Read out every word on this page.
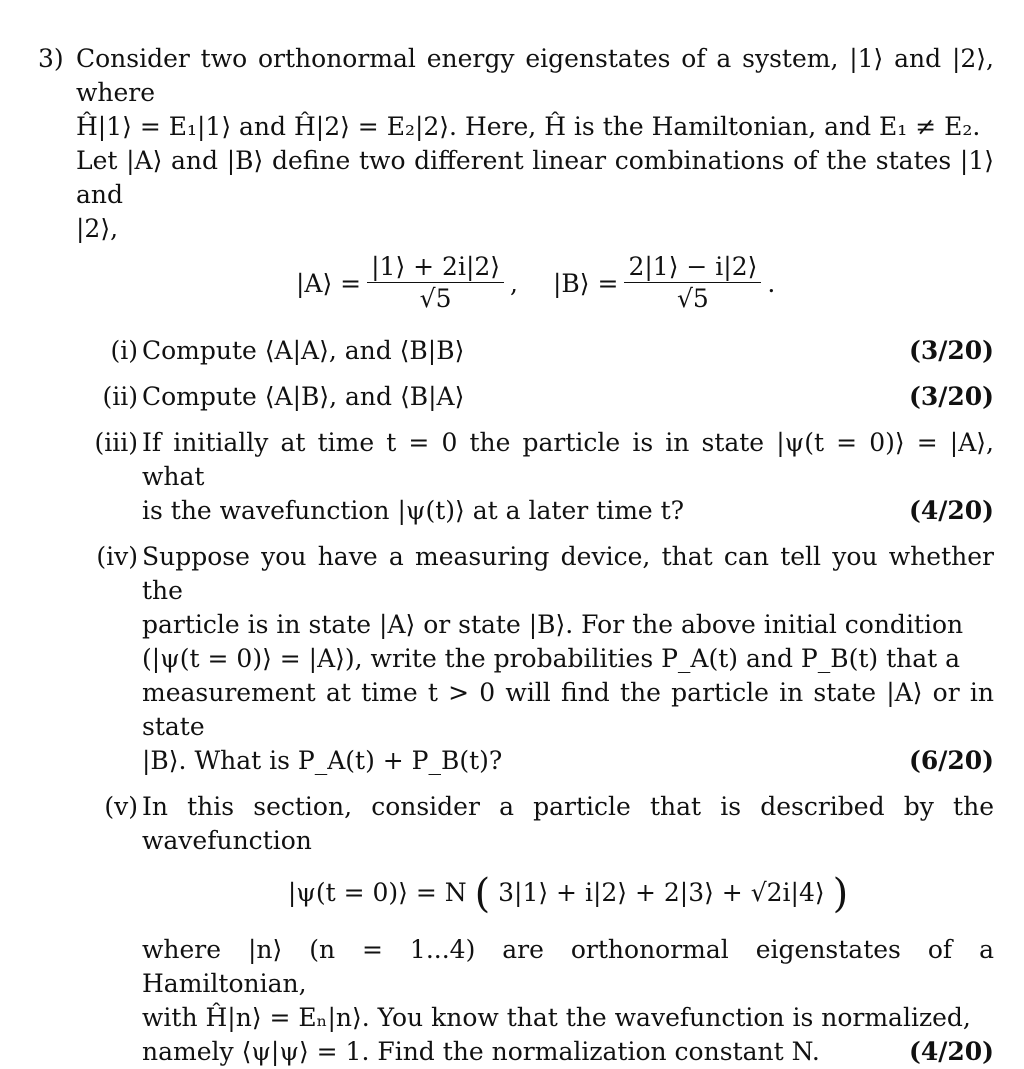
3) Consider two orthonormal energy eigenstates of a system, |1⟩ and |2⟩, where
Ĥ|1⟩ = E₁|1⟩ and Ĥ|2⟩ = E₂|2⟩. Here, Ĥ is the Hamiltonian, and E₁ ≠ E₂.
Let |A⟩ and |B⟩ define two different linear combinations of the states |1⟩ and
|2⟩,

|A⟩ = $\frac{|1⟩ + 2i|2⟩}{√5}$ , |B⟩ = $\frac{2|1⟩ - i|2⟩}{√5}$ .
(i)	(3/20)
Compute ⟨A|A⟩, and ⟨B|B⟩
(ii)	(3/20)
Compute ⟨A|B⟩, and ⟨B|A⟩
(iii) If initially at time t = 0 the particle is in state |ψ(t = 0)⟩ = |A⟩, what
(4/20)
is the wavefunction |ψ(t)⟩ at a later time t?
(iv) Suppose you have a measuring device, that can tell you whether the
particle is in state |A⟩ or state |B⟩. For the above initial condition
(|ψ(t = 0)⟩ = |A⟩), write the probabilities P_A(t) and P_B(t) that a
measurement at time t > 0 will find the particle in state |A⟩ or in state
(6/20)
|B⟩. What is P_A(t) + P_B(t)?
(v) In this section, consider a particle that is described by the wavefunction
|ψ(t = 0)⟩ = N ( 3|1⟩ + i|2⟩ + 2|3⟩ + √2i|4⟩ )
where |n⟩ (n = 1...4) are orthonormal eigenstates of a Hamiltonian,
with Ĥ|n⟩ = Eₙ|n⟩. You know that the wavefunction is normalized,
(4/20)
namely ⟨ψ|ψ⟩ = 1. Find the normalization constant N.
